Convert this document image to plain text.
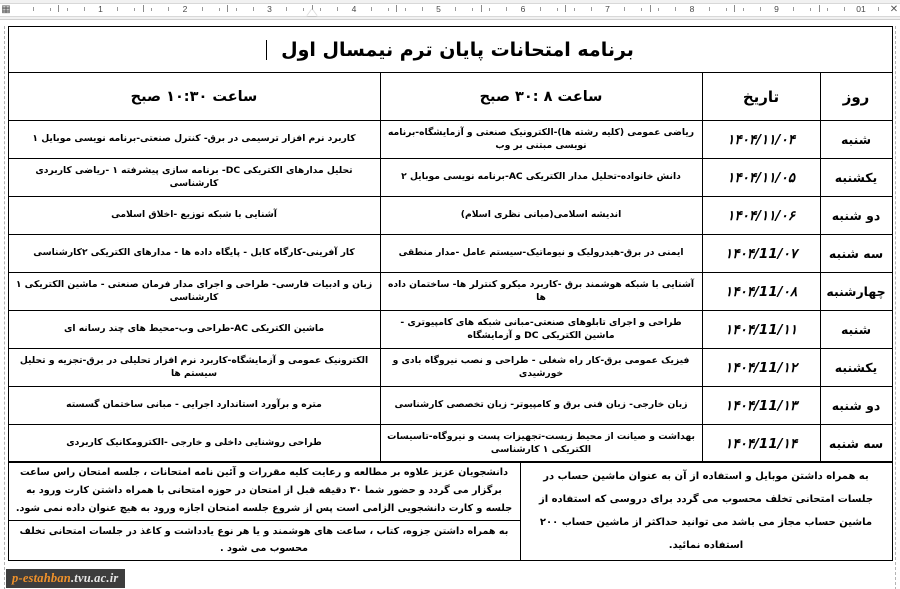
1	2	3	4	5	6	7	8	9	01
▦	✕
برنامه امتحانات پایان ترم نیمسال اول			
روز	تاریخ	ساعت ۸ :۳۰ صبح	ساعت ۱۰:۳۰ صبح
شنبه	۱۴۰۴/۱۱/۰۴	ریاضی عمومی (کلیه رشته ها)-الکترونیک صنعتی و آزمایشگاه-برنامه نویسی مبتنی بر وب	کاربرد نرم افزار ترسیمی در برق- کنترل صنعتی-برنامه نویسی موبایل ۱
یکشنبه	۱۴۰۴/۱۱/۰۵	دانش خانواده-تحلیل مدار الکتریکی AC-برنامه نویسی موبایل ۲	تحلیل مدارهای الکتریکی DC- برنامه سازی پیشرفته ۱ -ریاضی کاربردی کارشناسی
دو شنبه	۱۴۰۴/۱۱/۰۶	اندیشه اسلامی(مبانی نظری اسلام)	آشنایی با شبکه توزیع -اخلاق اسلامی
سه شنبه	۱۴۰۴/11/۰۷	ایمنی در برق-هیدرولیک و نیوماتیک-سیستم عامل -مدار منطقی	کار آفرینی-کارگاه کابل - پایگاه داده ها - مدارهای الکتریکی ۲کارشناسی
چهارشنبه	۱۴۰۴/11/۰۸	آشنایی با شبکه هوشمند برق -کاربرد میکرو کنترلر ها- ساختمان داده ها	زبان و ادبیات فارسی- طراحی و اجرای مدار فرمان صنعتی - ماشین الکتریکی ۱ کارشناسی
شنبه	۱۴۰۴/11/۱۱	طراحی و اجرای تابلوهای صنعتی-مبانی شبکه های کامپیوتری - ماشین الکتریکی DC و آزمایشگاه	ماشین الکتریکی AC-طراحی وب-محیط های چند رسانه ای
یکشنبه	۱۴۰۴/11/۱۲	فیزیک عمومی برق-کار راه شغلی - طراحی و نصب نیروگاه بادی و خورشیدی	الکترونیک عمومی و آزمایشگاه-کاربرد نرم افزار تحلیلی در برق-تجزیه و تحلیل سیستم ها
دو شنبه	۱۴۰۴/11/۱۳	زبان خارجی- زبان فنی برق و کامپیوتر- زبان تخصصی کارشناسی	متره و برآورد استاندارد اجرایی - مبانی ساختمان گسسته
سه شنبه	۱۴۰۴/11/۱۴	بهداشت و صیانت از محیط زیست-تجهیزات پست و نیروگاه-تاسیسات الکتریکی ۱ کارشناسی	طراحی روشنایی داخلی و خارجی -الکترومکانیک کاربردی
به همراه داشتن موبایل و استفاده از آن به عنوان ماشین حساب در جلسات امتحانی تخلف محسوب می گردد برای دروسی که استفاده از ماشین حساب مجاز می باشد می توانید حداکثر از ماشین حساب ۲۰۰ استفاده نمائید.	دانشجویان عزیز علاوه بر مطالعه و رعایت کلیه مقررات و آئین نامه امتحانات ، جلسه امتحان راس ساعت برگزار می گردد و حضور شما ۳۰ دقیقه قبل از امتحان در حوزه امتحانی با همراه داشتن کارت ورود به جلسه و کارت دانشجویی الزامی است پس از شروع جلسه امتحان اجازه ورود به هیچ عنوان داده نمی شود.
به همراه داشتن جزوه، کتاب ، ساعت های هوشمند و یا هر نوع یادداشت و کاغذ در جلسات امتحانی تخلف محسوب می شود .
p-estahban.tvu.ac.ir
